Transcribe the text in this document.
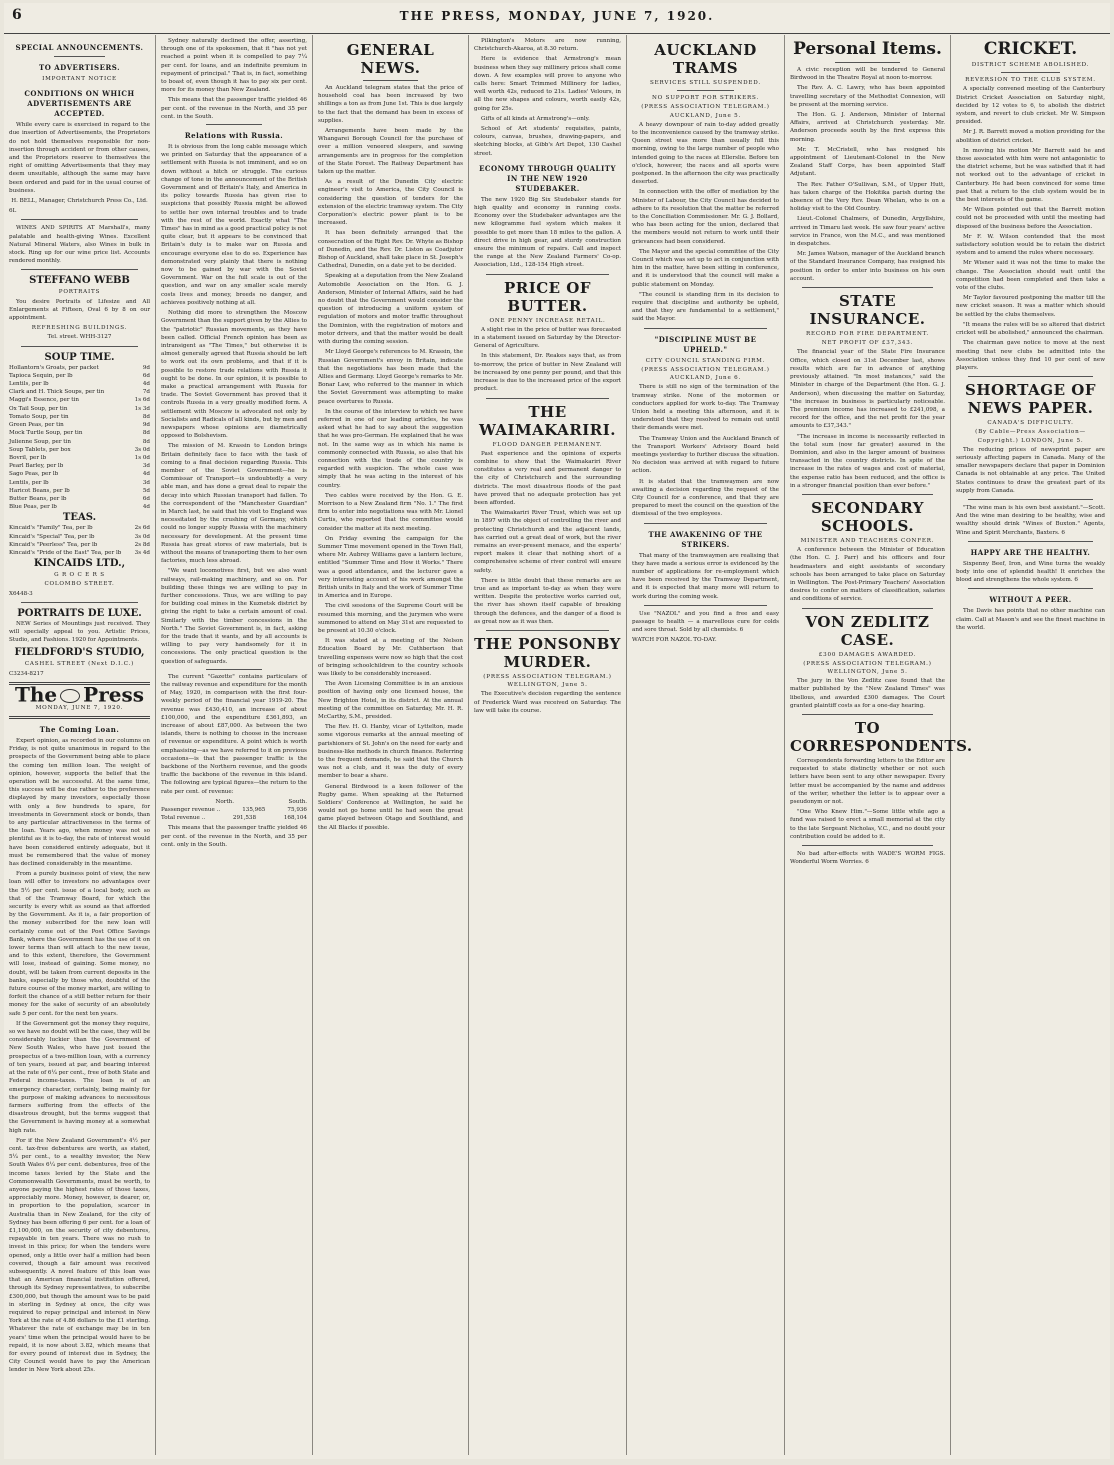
6	THE PRESS, MONDAY, JUNE 7, 1920.
SPECIAL ANNOUNCEMENTS.
TO ADVERTISERS.
IMPORTANT NOTICE
CONDITIONS ON WHICH ADVERTISEMENTS ARE ACCEPTED.

While every care is exercised in regard to the due insertion of Advertisements, the Proprietors do not hold themselves responsible for non-insertion through accident or from other causes, and the Proprietors reserve to themselves the right of omitting Advertisements that they may deem unsuitable, although the same may have been ordered and paid for in the usual course of business.

H. BELL, Manager, Christchurch Press Co., Ltd.

6L

WINES AND SPIRITS AT Marshall's, many palatable and health-giving Wines. Excellent Natural Mineral Waters, also Wines in bulk in stock. Ring up for our wine price list. Accounts rendered monthly.

STEFFANO WEBB
PORTRAITS

You desire Portraits of Lifesize and All Enlargements at Fifteen, Oval 6 by 8 on our appointment.

REFRESHING BUILDINGS.

Tel. street. WHH-3127

SOUP TIME.
Hollantorn's Groats, per packet	9d
Tapioca Sequin, per lb	6d
Lentils, per lb	4d
Clark and H. Thick Soups, per tin	7d
Maggi's Essence, per tin	1s 6d
Ox Tail Soup, per tin	1s 3d
Tomato Soup, per tin	8d
Green Peas, per tin	9d
Mock Turtle Soup, per tin	8d
Julienne Soup, per tin	8d
Soup Tablets, per box	3s 0d
Bovril, per lb	1s 0d
Pearl Barley, per lb	3d
Sago Peas, per lb	4d
Lentils, per lb	3d
Haricot Beans, per lb	5d
Butter Beans, per lb	6d
Blue Peas, per lb	4d
TEAS.
Kincaid's "Family" Tea, per lb	2s 6d
Kincaid's "Special" Tea, per lb	3s 0d
Kincaid's "Peerless" Tea, per lb	2s 8d
Kincaid's "Pride of the East" Tea, per lb 3s 4d
KINCAIDS LTD.,
G R O C E R S
COLOMBO STREET.

X6448-3

PORTRAITS DE LUXE.

NEW Series of Mountings just received. They will specially appeal to you. Artistic Prices, Studio, and Fashions. 1920 for Appointments.

FIELDFORD'S STUDIO,
CASHEL STREET (Next D.I.C.)

C3234-8217

The Press
MONDAY, JUNE 7, 1920.
The Coming Loan.

Expert opinion, as recorded in our columns on Friday, is not quite unanimous in regard to the prospects of the Government being able to place the coming ten million loan. The weight of opinion, however, supports the belief that the operation will be successful. At the same time, this success will be due rather to the preference displayed by many investors, especially those with only a few hundreds to spare, for investments in Government stock or bonds, than to any particular attractiveness in the terms of the loan. Years ago, when money was not so plentiful as it is to-day, the rate of interest would have been considered entirely adequate, but it must be remembered that the value of money has declined considerably in the meantime.

From a purely business point of view, the new loan will offer to investors no advantages over the 5½ per cent. issue of a local body, such as that of the Tramway Board, for which the security is every whit as sound as that afforded by the Government. As it is, a fair proportion of the money subscribed for the new loan will certainly come out of the Post Office Savings Bank, where the Government has the use of it on lower terms than will attach to the new issue, and to this extent, therefore, the Government will lose, instead of gaining. Some money, no doubt, will be taken from current deposits in the banks, especially by those who, doubtful of the future course of the money market, are willing to forfeit the chance of a still better return for their money for the sake of security of an absolutely safe 5 per cent. for the next ten years.

If the Government got the money they require, so we have no doubt will be the case, they will be considerably luckier than the Government of New South Wales, who have just issued the prospectus of a two-million loan, with a currency of ten years, issued at par, and bearing interest at the rate of 6¼ per cent., free of both State and Federal income-taxes. The loan is of an emergency character, certainly, being mainly for the purpose of making advances to necessitous farmers suffering from the effects of the disastrous drought, but the terms suggest that the Government is having money at a somewhat high rate.

For if the New Zealand Government's 4½ per cent. tax-free debentures are worth, as stated, 5¼ per cent., to a wealthy investor, the New South Wales 6¼ per cent. debentures, free of the income taxes levied by the State and the Commonwealth Governments, must be worth, to anyone paying the highest rates of those taxes, appreciably more. Money, however, is dearer, or, in proportion to the population, scarcer in Australia than in New Zealand, for the city of Sydney has been offering 6 per cent. for a loan of £1,100,000, on the security of city debentures, repayable in ten years. There was no rush to invest in this price; for when the tenders were opened, only a little over half a million had been covered, though a fair amount was received subsequently. A novel feature of this loan was that an American financial institution offered, through its Sydney representatives, to subscribe £300,000, but though the amount was to be paid in sterling in Sydney at once, the city was required to repay principal and interest in New York at the rate of 4.86 dollars to the £1 sterling. Whatever the rate of exchange may be in ten years' time when the principal would have to be repaid, it is now about 3.82, which means that for every pound of interest due in Sydney, the City Council would have to pay the American lender in New York about 25s.

Sydney naturally declined the offer, asserting, through one of its spokesmen, that it "has not yet reached a point when it is compelled to pay 7¼ per cent. for loans, and an indefinite premium in repayment of principal." That is, in fact, something to boast of, even though it has to pay six per cent. more for its money than New Zealand.

This means that the passenger traffic yielded 46 per cent. of the revenue in the North, and 35 per cent. in the South.

Relations with Russia.

It is obvious from the long cable message which we printed on Saturday that the appearance of a settlement with Russia is not imminent, and so on down without a hitch or struggle. The curious change of tone in the announcement of the British Government and of Britain's Italy, and America in its policy towards Russia has given rise to suspicions that possibly Russia might be allowed to settle her own internal troubles and to trade with the rest of the world. Exactly what "The Times" has in mind as a good practical policy is not quite clear, but it appears to be convinced that Britain's duty is to make war on Russia and encourage everyone else to do so. Experience has demonstrated very plainly that there is nothing now to be gained by war with the Soviet Government. War on the full scale is out of the question, and war on any smaller scale merely costs lives and money, breeds no danger, and achieves positively nothing at all.

Nothing did more to strengthen the Moscow Government than the support given by the Allies to the "patriotic" Russian movements, as they have been called. Official French opinion has been as intransigent as "The Times," but otherwise it is almost generally agreed that Russia should be left to work out its own problems, and that if it is possible to restore trade relations with Russia it ought to be done. In our opinion, it is possible to make a practical arrangement with Russia for trade. The Soviet Government has proved that it controls Russia in a very greatly modified form. A settlement with Moscow is advocated not only by Socialists and Radicals of all kinds, but by men and newspapers whose opinions are diametrically opposed to Bolshevism.

The mission of M. Krassin to London brings Britain definitely face to face with the task of coming to a final decision regarding Russia. This member of the Soviet Government—he is Commissar of Transport—is undoubtedly a very able man, and has done a great deal to repair the decay into which Russian transport had fallen. To the correspondent of the "Manchester Guardian" in March last, he said that his visit to England was necessitated by the crushing of Germany, which could no longer supply Russia with the machinery necessary for development. At the present time Russia has great stores of raw materials, but is without the means of transporting them to her own factories, much less abroad.

"We want locomotives first, but we also want railways, rail-making machinery, and so on. For building these things we are willing to pay in further concessions. Thus, we are willing to pay for building coal mines in the Kuznetsk district by giving the right to take a certain amount of coal. Similarly with the timber concessions in the North." The Soviet Government is, in fact, asking for the trade that it wants, and by all accounts is willing to pay very handsomely for it in concessions. The only practical question is the question of safeguards.

The current "Gazette" contains particulars of the railway revenue and expenditure for the month of May, 1920, in comparison with the first four-weekly period of the financial year 1919-20. The revenue was £430,410, an increase of about £100,000, and the expenditure £361,893, an increase of about £87,000. As between the two islands, there is nothing to choose in the increase of revenue or expenditure. A point which is worth emphasising—as we have referred to it on previous occasions—is that the passenger traffic is the backbone of the Northern revenue, and the goods traffic the backbone of the revenue in this island. The following are typical figures—the return to the rate per cent. of revenue:

North.	South.
Passenger revenue ..	135,965	75,936
Total revenue ..	291,538	168,104

This means that the passenger traffic yielded 46 per cent. of the revenue in the North, and 35 per cent. only in the South.

GENERAL NEWS.

An Auckland telegram states that the price of household coal has been increased by two shillings a ton as from June 1st. This is due largely to the fact that the demand has been in excess of supplies.

Arrangements have been made by the Whangarei Borough Council for the purchase of over a million veneered sleepers, and sawing arrangements are in progress for the completion of the State Forest. The Railway Department has taken up the matter.

As a result of the Dunedin City electric engineer's visit to America, the City Council is considering the question of tenders for the extension of the electric tramway system. The City Corporation's electric power plant is to be increased.

It has been definitely arranged that the consecration of the Right Rev. Dr. Whyte as Bishop of Dunedin, and the Rev. Dr. Liston as Coadjutor Bishop of Auckland, shall take place in St. Joseph's Cathedral, Dunedin, on a date yet to be decided.

Speaking at a deputation from the New Zealand Automobile Association on the Hon. G. J. Anderson, Minister of Internal Affairs, said he had no doubt that the Government would consider the question of introducing a uniform system of regulation of motors and motor traffic throughout the Dominion, with the registration of motors and motor drivers, and that the matter would be dealt with during the coming session.

Mr Lloyd George's references to M. Krassin, the Russian Government's envoy in Britain, indicate that the negotiations has been made that the Allies and Germany. Lloyd George's remarks to Mr. Bonar Law, who referred to the manner in which the Soviet Government was attempting to make peace overtures to Russia.

In the course of the interview to which we have referred in one of our leading articles, he was asked what he had to say about the suggestion that he was pro-German. He explained that he was not. In the same way as in which his name is commonly connected with Russia, so also that his connection with the trade of the country is regarded with suspicion. The whole case was simply that he was acting in the interest of his country.

Two cables were received by the Hon. G. E. Morrison to a New Zealand firm "No. 1." The first firm to enter into negotiations was with Mr. Lionel Curtis, who reported that the committee would consider the matter at its next meeting.

On Friday evening the campaign for the Summer Time movement opened in the Town Hall, where Mr. Aubrey Williams gave a lantern lecture, entitled "Summer Time and How it Works." There was a good attendance, and the lecturer gave a very interesting account of his work amongst the British units in Italy and the work of Summer Time in America and in Europe.

The civil sessions of the Supreme Court will be resumed this morning, and the jurymen who were summoned to attend on May 31st are requested to be present at 10.30 o'clock.

It was stated at a meeting of the Nelson Education Board by Mr. Cuthbertson that travelling expenses were now so high that the cost of bringing schoolchildren to the country schools was likely to be considerably increased.

The Avon Licensing Committee is in an anxious position of having only one licensed house, the New Brighton Hotel, in its district. At the annual meeting of the committee on Saturday, Mr. H. R. McCarthy, S.M., presided.

The Rev. H. O. Hanby, vicar of Lyttelton, made some vigorous remarks at the annual meeting of parishioners of St. John's on the need for early and business-like methods in church finance. Referring to the frequent demands, he said that the Church was not a club, and it was the duty of every member to bear a share.

General Birdwood is a keen follower of the Rugby game. When speaking at the Returned Soldiers' Conference at Wellington, he said he would not go home until he had seen the great game played between Otago and Southland, and the All Blacks if possible.

Pilkington's Motors are now running, Christchurch-Akaroa, at 8.30 return.

Here is evidence that Armstrong's mean business when they say millinery prices shall come down. A few examples will prove to anyone who calls here: Smart Trimmed Millinery for ladies, well worth 42s, reduced to 21s. Ladies' Velours, in all the new shapes and colours, worth easily 42s, going for 25s.

Gifts of all kinds at Armstrong's—only.

School of Art students' requisites, paints, colours, canvas, brushes, drawing-papers, and sketching blocks, at Gibb's Art Depot, 130 Cashel street.

ECONOMY THROUGH QUALITY IN THE NEW 1920 STUDEBAKER.

The new 1920 Big Six Studebaker stands for high quality and economy in running costs. Economy over the Studebaker advantages are the new kilogramme fuel system which makes it possible to get more than 18 miles to the gallon. A direct drive in high gear, and sturdy construction ensure the minimum of repairs. Call and inspect the range at the New Zealand Farmers' Co-op. Association, Ltd., 128-154 High street.

PRICE OF BUTTER.
ONE PENNY INCREASE RETAIL.

A slight rise in the price of butter was forecasted in a statement issued on Saturday by the Director-General of Agriculture.

In this statement, Dr. Reakes says that, as from to-morrow, the price of butter in New Zealand will be increased by one penny per pound, and that this increase is due to the increased price of the export product.

THE WAIMAKARIRI.
FLOOD DANGER PERMANENT.

Past experience and the opinions of experts combine to show that the Waimakariri River constitutes a very real and permanent danger to the city of Christchurch and the surrounding districts. The most disastrous floods of the past have proved that no adequate protection has yet been afforded.

The Waimakariri River Trust, which was set up in 1897 with the object of controlling the river and protecting Christchurch and the adjacent lands, has carried out a great deal of work, but the river remains an ever-present menace, and the experts' report makes it clear that nothing short of a comprehensive scheme of river control will ensure safety.

There is little doubt that these remarks are as true and as important to-day as when they were written. Despite the protective works carried out, the river has shown itself capable of breaking through the defences, and the danger of a flood is as great now as it was then.

THE PONSONBY MURDER.
(PRESS ASSOCIATION TELEGRAM.) WELLINGTON, June 5.

The Executive's decision regarding the sentence of Frederick Ward was received on Saturday. The law will take its course.

AUCKLAND TRAMS
SERVICES STILL SUSPENDED.
NO SUPPORT FOR STRIKERS.
(PRESS ASSOCIATION TELEGRAM.) AUCKLAND, June 5.

A heavy downpour of rain to-day added greatly to the inconvenience caused by the tramway strike. Queen street was more than usually full this morning, owing to the large number of people who intended going to the races at Ellerslie. Before ten o'clock, however, the races and all sports were postponed. In the afternoon the city was practically deserted.

In connection with the offer of mediation by the Minister of Labour, the City Council has decided to adhere to its resolution that the matter be referred to the Conciliation Commissioner. Mr. G. J. Bollard, who has been acting for the union, declared that the members would not return to work until their grievances had been considered.

The Mayor and the special committee of the City Council which was set up to act in conjunction with him in the matter, have been sitting in conference, and it is understood that the council will make a public statement on Monday.

"The council is standing firm in its decision to require that discipline and authority be upheld, and that they are fundamental to a settlement," said the Mayor.

"DISCIPLINE MUST BE UPHELD."
CITY COUNCIL STANDING FIRM.
(PRESS ASSOCIATION TELEGRAM.) AUCKLAND, June 6.

There is still no sign of the termination of the tramway strike. None of the motormen or conductors applied for work to-day. The Tramway Union held a meeting this afternoon, and it is understood that they resolved to remain out until their demands were met.

The Tramway Union and the Auckland Branch of the Transport Workers' Advisory Board held meetings yesterday to further discuss the situation. No decision was arrived at with regard to future action.

It is stated that the tramwaymen are now awaiting a decision regarding the request of the City Council for a conference, and that they are prepared to meet the council on the question of the dismissal of the two employees.

THE AWAKENING OF THE STRIKERS.

That many of the tramwaymen are realising that they have made a serious error is evidenced by the number of applications for re-employment which have been received by the Tramway Department, and it is expected that many more will return to work during the coming week.

Use "NAZOL" and you find a free and easy passage to health — a marvellous cure for colds and sore throat. Sold by all chemists. 6

WATCH FOR NAZOL TO-DAY.

Personal Items.

A civic reception will be tendered to General Birdwood in the Theatre Royal at noon to-morrow.

The Rev. A. C. Lawry, who has been appointed travelling secretary of the Methodist Connexion, will be present at the morning service.

The Hon. G. J. Anderson, Minister of Internal Affairs, arrived at Christchurch yesterday. Mr. Anderson proceeds south by the first express this morning.

Mr. T. McCristell, who has resigned his appointment of Lieutenant-Colonel in the New Zealand Staff Corps, has been appointed Staff Adjutant.

The Rev. Father O'Sullivan, S.M., of Upper Hutt, has taken charge of the Hokitika parish during the absence of the Very Rev. Dean Whelan, who is on a holiday visit to the Old Country.

Lieut.-Colonel Chalmers, of Dunedin, Argyllshire, arrived in Timaru last week. He saw four years' active service in France, won the M.C., and was mentioned in despatches.

Mr. James Watson, manager of the Auckland branch of the Standard Insurance Company, has resigned his position in order to enter into business on his own account.

STATE INSURANCE.
RECORD FOR FIRE DEPARTMENT.
NET PROFIT OF £37,343.

The financial year of the State Fire Insurance Office, which closed on 31st December last, shows results which are far in advance of anything previously attained. "In most instances," said the Minister in charge of the Department (the Hon. G. J. Anderson), when discussing the matter on Saturday, "the increase in business is particularly noticeable. The premium income has increased to £241,098, a record for the office, and the net profit for the year amounts to £37,343."

"The increase in income is necessarily reflected in the total sum (now far greater) assured in the Dominion, and also in the larger amount of business transacted in the country districts. In spite of the increase in the rates of wages and cost of material, the expense ratio has been reduced, and the office is in a stronger financial position than ever before."

SECONDARY SCHOOLS.
MINISTER AND TEACHERS CONFER.

A conference between the Minister of Education (the Hon. C. J. Parr) and his officers and four headmasters and eight assistants of secondary schools has been arranged to take place on Saturday in Wellington. The Post-Primary Teachers' Association desires to confer on matters of classification, salaries and conditions of service.

VON ZEDLITZ CASE.
£300 DAMAGES AWARDED.
(PRESS ASSOCIATION TELEGRAM.) WELLINGTON, June 5.

The jury in the Von Zedlitz case found that the matter published by the "New Zealand Times" was libellous, and awarded £300 damages. The Court granted plaintiff costs as for a one-day hearing.

TO CORRESPONDENTS.

Correspondents forwarding letters to the Editor are requested to state distinctly whether or not such letters have been sent to any other newspaper. Every letter must be accompanied by the name and address of the writer, whether the letter is to appear over a pseudonym or not.

"One Who Knew Him."—Some little while ago a fund was raised to erect a small memorial at the city to the late Sergeant Nicholas, V.C., and no doubt your contribution could be added to it.

No bad after-effects with WADE'S WORM FIGS. Wonderful Worm Worries. 6

CRICKET.
DISTRICT SCHEME ABOLISHED.
REVERSION TO THE CLUB SYSTEM.

A specially convened meeting of the Canterbury District Cricket Association on Saturday night, decided by 12 votes to 6, to abolish the district system, and revert to club cricket. Mr W. Simpson presided.

Mr J. R. Barrett moved a motion providing for the abolition of district cricket.

In moving his motion Mr Barrett said he and those associated with him were not antagonistic to the district scheme, but he was satisfied that it had not worked out to the advantage of cricket in Canterbury. He had been convinced for some time past that a return to the club system would be in the best interests of the game.

Mr Wilson pointed out that the Barrett motion could not be proceeded with until the meeting had disposed of the business before the Association.

Mr F. W. Wilson contended that the most satisfactory solution would be to retain the district system and to amend the rules where necessary.

Mr Wisner said it was not the time to make the change. The Association should wait until the competition had been completed and then take a vote of the clubs.

Mr Taylor favoured postponing the matter till the new cricket season. It was a matter which should be settled by the clubs themselves.

"It means the rules will be so altered that district cricket will be abolished," announced the chairman.

The chairman gave notice to move at the next meeting that new clubs be admitted into the Association unless they find 10 per cent of new players.

SHORTAGE OF NEWS PAPER.
CANADA'S DIFFICULTY.
(By Cable—Press Association—Copyright.) LONDON, June 5.

The reducing prices of newsprint paper are seriously affecting papers in Canada. Many of the smaller newspapers declare that paper in Dominion Canada is not obtainable at any price. The United States continues to draw the greatest part of its supply from Canada.

"The wine man is his own best assistant."—Scott. And the wine man desiring to be healthy, wise and wealthy should drink "Wines of Buxton." Agents, Wine and Spirit Merchants, Baxters. 6

HAPPY ARE THE HEALTHY.

Sixpenny Beef, Iron, and Wine turns the weakly body into one of splendid health! It enriches the blood and strengthens the whole system. 6

WITHOUT A PEER.

The Davis has points that no other machine can claim. Call at Mason's and see the finest machine in the world.
